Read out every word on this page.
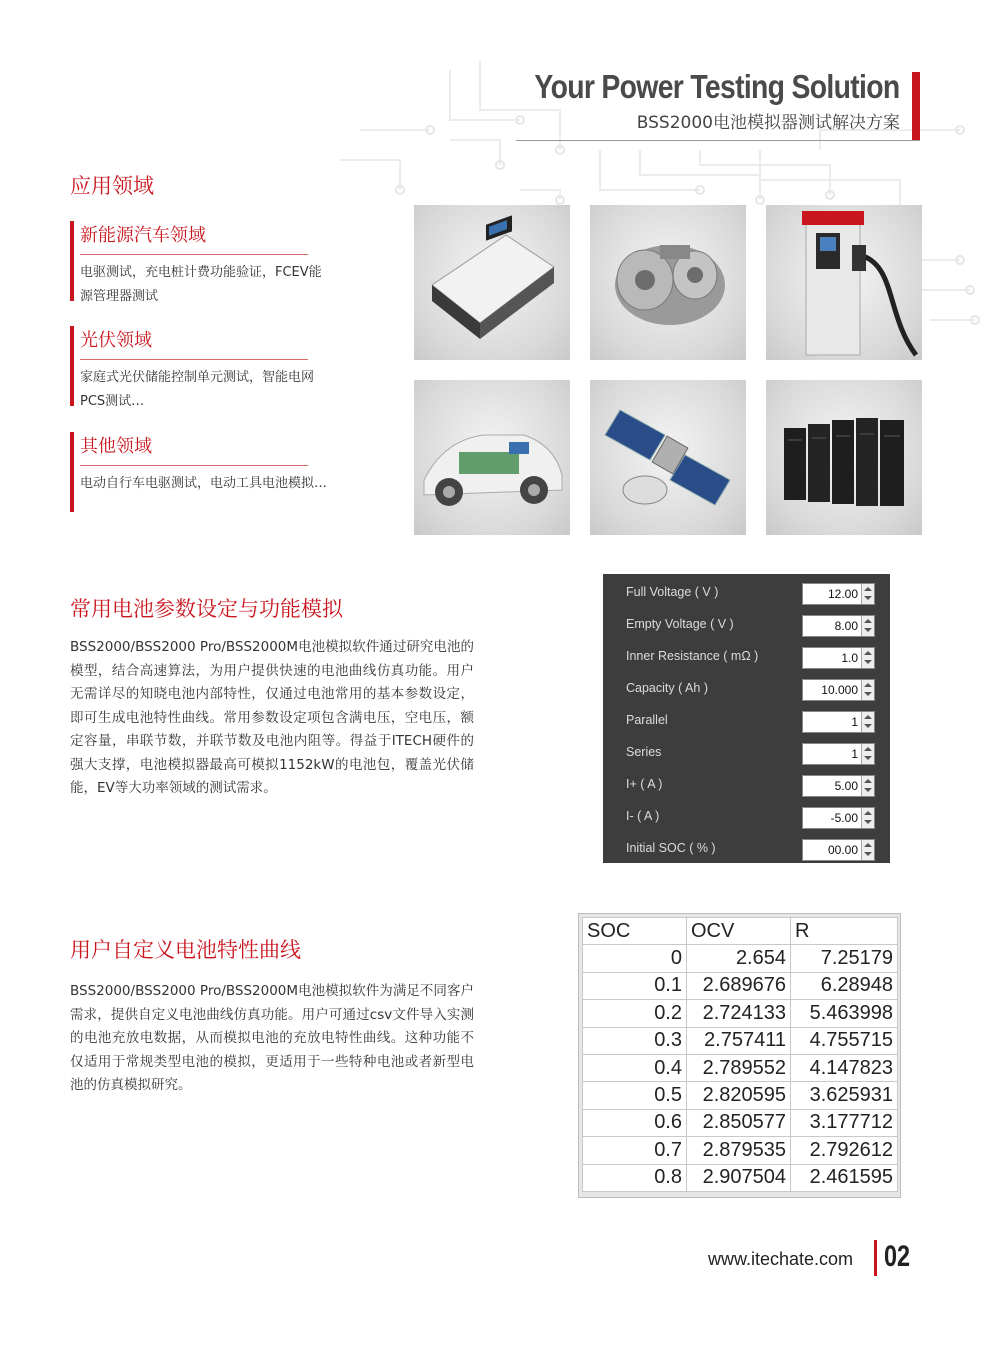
Your Power Testing Solution
BSS2000电池模拟器测试解决方案
应用领域
新能源汽车领域
电驱测试，充电桩计费功能验证，FCEV能源管理器测试
光伏领域
家庭式光伏储能控制单元测试，智能电网PCS测试…
其他领域
电动自行车电驱测试，电动工具电池模拟…
常用电池参数设定与功能模拟
BSS2000/BSS2000 Pro/BSS2000M电池模拟软件通过研究电池的模型，结合高速算法，为用户提供快速的电池曲线仿真功能。用户无需详尽的知晓电池内部特性，仅通过电池常用的基本参数设定，即可生成电池特性曲线。常用参数设定项包含满电压，空电压，额定容量，串联节数，并联节数及电池内阻等。得益于ITECH硬件的强大支撑，电池模拟器最高可模拟1152kW的电池包，覆盖光伏储能，EV等大功率领域的测试需求。
Full Voltage ( V )	12.00
Empty Voltage ( V )	8.00
Inner Resistance ( mΩ )	1.0
Capacity ( Ah )	10.000
Parallel	1
Series	1
I+ ( A )	5.00
I- ( A )	-5.00
Initial SOC ( % )	00.00
用户自定义电池特性曲线
BSS2000/BSS2000 Pro/BSS2000M电池模拟软件为满足不同客户需求，提供自定义电池曲线仿真功能。用户可通过csv文件导入实测的电池充放电数据，从而模拟电池的充放电特性曲线。这种功能不仅适用于常规类型电池的模拟，更适用于一些特种电池或者新型电池的仿真模拟研究。
SOC	OCV	R
0	2.654	7.25179
0.1	2.689676	6.28948
0.2	2.724133	5.463998
0.3	2.757411	4.755715
0.4	2.789552	4.147823
0.5	2.820595	3.625931
0.6	2.850577	3.177712
0.7	2.879535	2.792612
0.8	2.907504	2.461595
www.itechate.com 02
